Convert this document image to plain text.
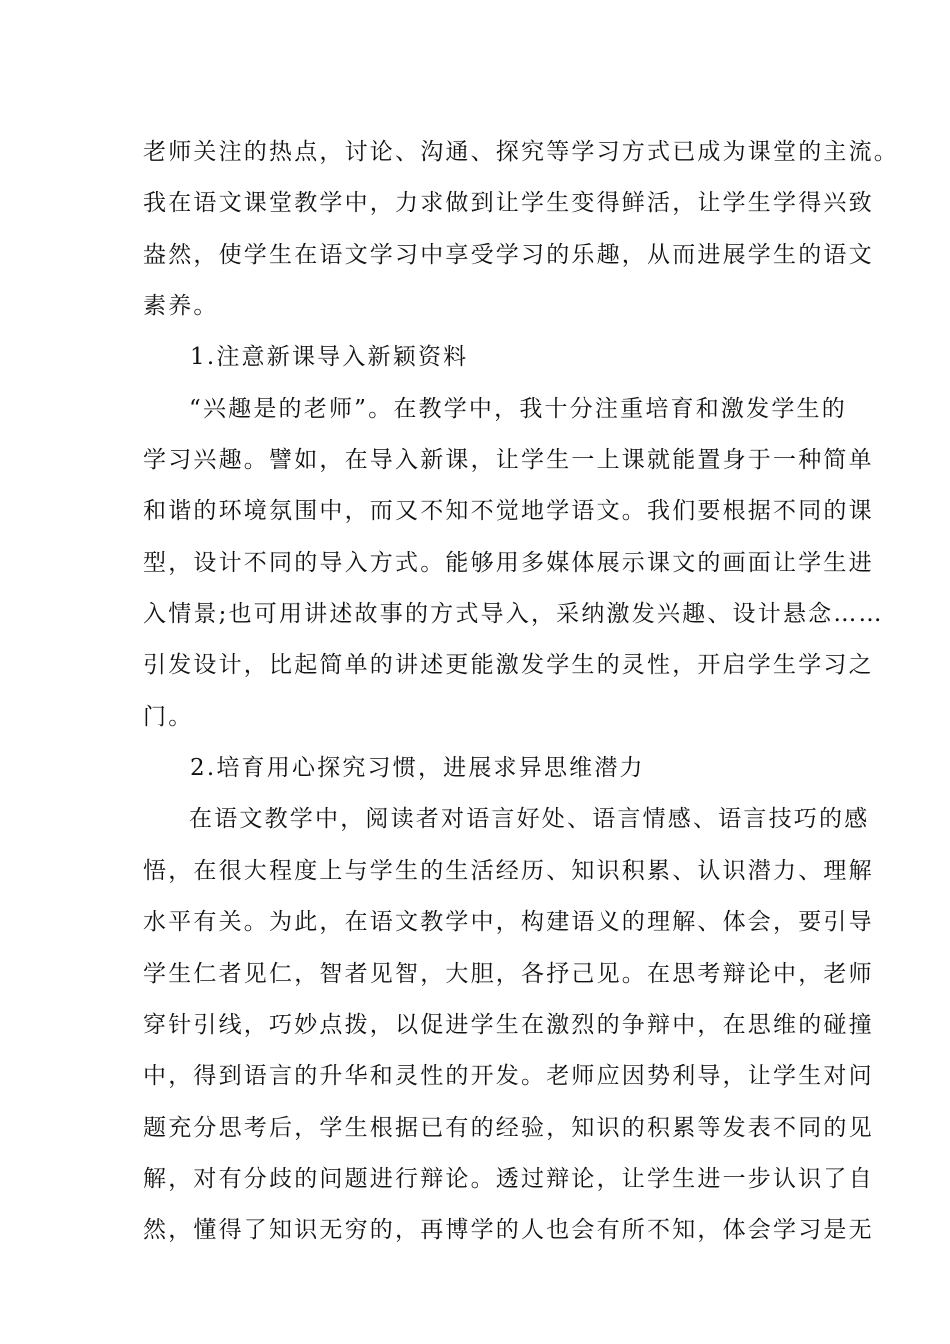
老师关注的热点，讨论、沟通、探究等学习方式已成为课堂的主流。
我在语文课堂教学中，力求做到让学生变得鲜活，让学生学得兴致
盎然，使学生在语文学习中享受学习的乐趣，从而进展学生的语文
素养。
1.注意新课导入新颖资料
“兴趣是的老师”。在教学中，我十分注重培育和激发学生的
学习兴趣。譬如，在导入新课，让学生一上课就能置身于一种简单
和谐的环境氛围中，而又不知不觉地学语文。我们要根据不同的课
型，设计不同的导入方式。能够用多媒体展示课文的画面让学生进
入情景;也可用讲述故事的方式导入，采纳激发兴趣、设计悬念……
引发设计，比起简单的讲述更能激发学生的灵性，开启学生学习之
门。
2.培育用心探究习惯，进展求异思维潜力
在语文教学中，阅读者对语言好处、语言情感、语言技巧的感
悟，在很大程度上与学生的生活经历、知识积累、认识潜力、理解
水平有关。为此，在语文教学中，构建语义的理解、体会，要引导
学生仁者见仁，智者见智，大胆，各抒己见。在思考辩论中，老师
穿针引线，巧妙点拨，以促进学生在激烈的争辩中，在思维的碰撞
中，得到语言的升华和灵性的开发。老师应因势利导，让学生对问
题充分思考后，学生根据已有的经验，知识的积累等发表不同的见
解，对有分歧的问题进行辩论。透过辩论，让学生进一步认识了自
然，懂得了知识无穷的，再博学的人也会有所不知，体会学习是无
